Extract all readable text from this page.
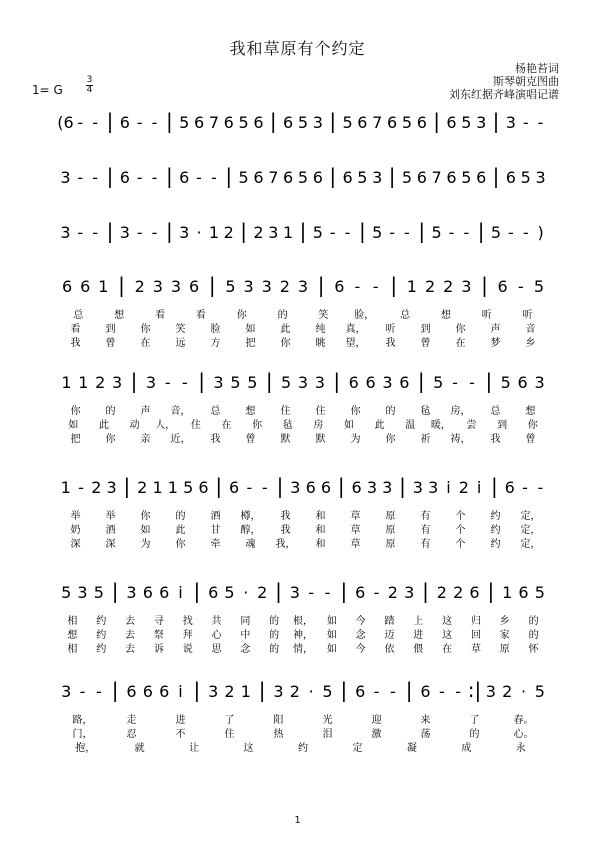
我和草原有个约定
杨艳苔词
斯琴朝克图曲
刘东红据齐峰演唱记谱
1= G
3
4
(6 - - | 6 - - | 5 6 7 6 5 6 | 6 5 3 | 5 6 7 6 5 6 | 6 5 3 | 3 - -
3 - - | 6 - - | 6 - - | 5 6 7 6 5 6 | 6 5 3 | 5 6 7 6 5 6 | 6 5 3
3 - - | 3 - - | 3 · 1 2 | 2 3 1 | 5 - - | 5 - - | 5 - - | 5 - - )
6 6 1 | 2 3 3 6 | 5 3 3 2 3 | 6 - - | 1 2 2 3 | 6 - 5
总	想	看	看	你	的	笑	脸，	总	想	听	听
看	到	你	笑	脸	如	此	纯 真， 听	到	你	声	音
我	曾	在	远	方	把	你	眺 望， 我	曾	在	梦	乡
1 1 2 3 | 3 - - | 3 5 5 | 5 3 3 | 6 6 3 6 | 5 - - | 5 6 3
你	的	声 音， 总	想	住	住	你	的	毡 房， 总	想
如 此 动 人， 住 在 你 毡 房 如 此 温 暖， 尝 到 你
把	你	亲 近， 我	曾	默	默	为	你	祈 祷， 我	曾
1 - 2 3 | 2 1 1 5 6 | 6 - - | 3 6 6 | 6 3 3 | 3 3 i 2 i | 6 - -
举	举	你	的	酒 樽， 我	和	草	原	有	个	约 定，
奶	酒	如	此	甘 醇， 我	和	草	原	有	个	约 定，
深	深	为	你	牵	魂 我， 和	草	原	有	个	约 定，
5 3 5 | 3 6 6 i | 6 5 · 2 | 3 - - | 6 - 2 3 | 2 2 6 | 1 6 5
相 约 去 寻 找 共 同 的 根， 如 今 踏 上 这 归 乡 的
想 约 去 祭 拜 心 中 的 神， 如 念 迈 进 这 回 家 的
相 约 去 诉 说 思 念 的 情， 如 今 依 偎 在 草 原 怀
3 - - | 6 6 6 i | 3 2 1 | 3 2 · 5 | 6 - - | 6 - - :| 3 2 · 5
路，	走	进	了	阳	光	迎	来	了	春。
门，	忍	不	住	热	泪	激	荡	的	心。
抱，	就	让	这	约	定	凝	成	永
1
